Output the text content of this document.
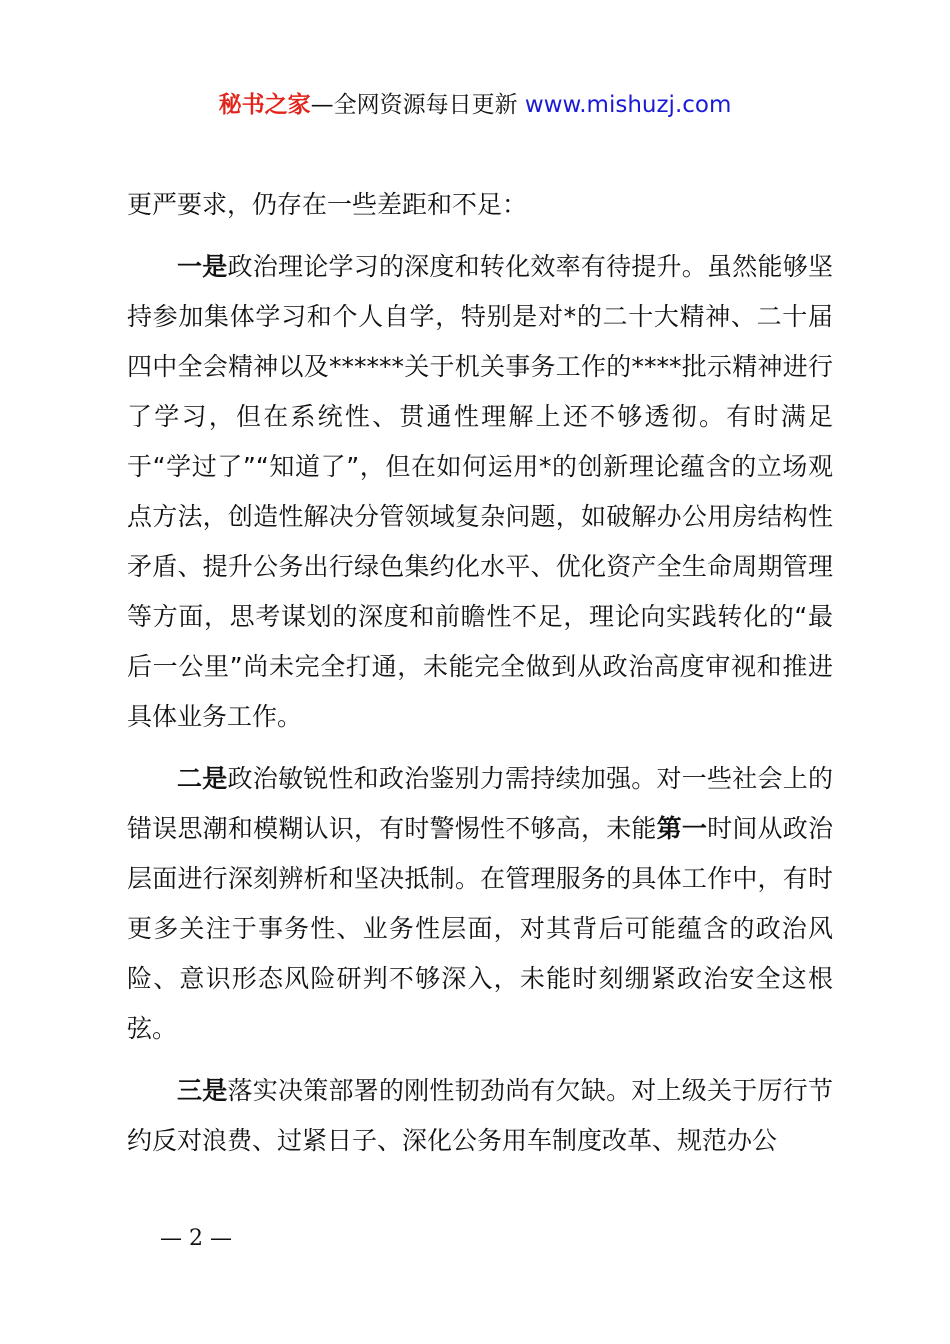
秘书之家—全网资源每日更新 www.mishuzj.com

更严要求，仍存在一些差距和不足：

一是政治理论学习的深度和转化效率有待提升。虽然能够坚持参加集体学习和个人自学，特别是对*的二十大精神、二十届四中全会精神以及******关于机关事务工作的****批示精神进行了学习，但在系统性、贯通性理解上还不够透彻。有时满足于“学过了”“知道了”，但在如何运用*的创新理论蕴含的立场观点方法，创造性解决分管领域复杂问题，如破解办公用房结构性矛盾、提升公务出行绿色集约化水平、优化资产全生命周期管理等方面，思考谋划的深度和前瞻性不足，理论向实践转化的“最后一公里”尚未完全打通，未能完全做到从政治高度审视和推进具体业务工作。

二是政治敏锐性和政治鉴别力需持续加强。对一些社会上的错误思潮和模糊认识，有时警惕性不够高，未能第一时间从政治层面进行深刻辨析和坚决抵制。在管理服务的具体工作中，有时更多关注于事务性、业务性层面，对其背后可能蕴含的政治风险、意识形态风险研判不够深入，未能时刻绷紧政治安全这根弦。

三是落实决策部署的刚性韧劲尚有欠缺。对上级关于厉行节约反对浪费、过紧日子、深化公务用车制度改革、规范办公

— 2 —
